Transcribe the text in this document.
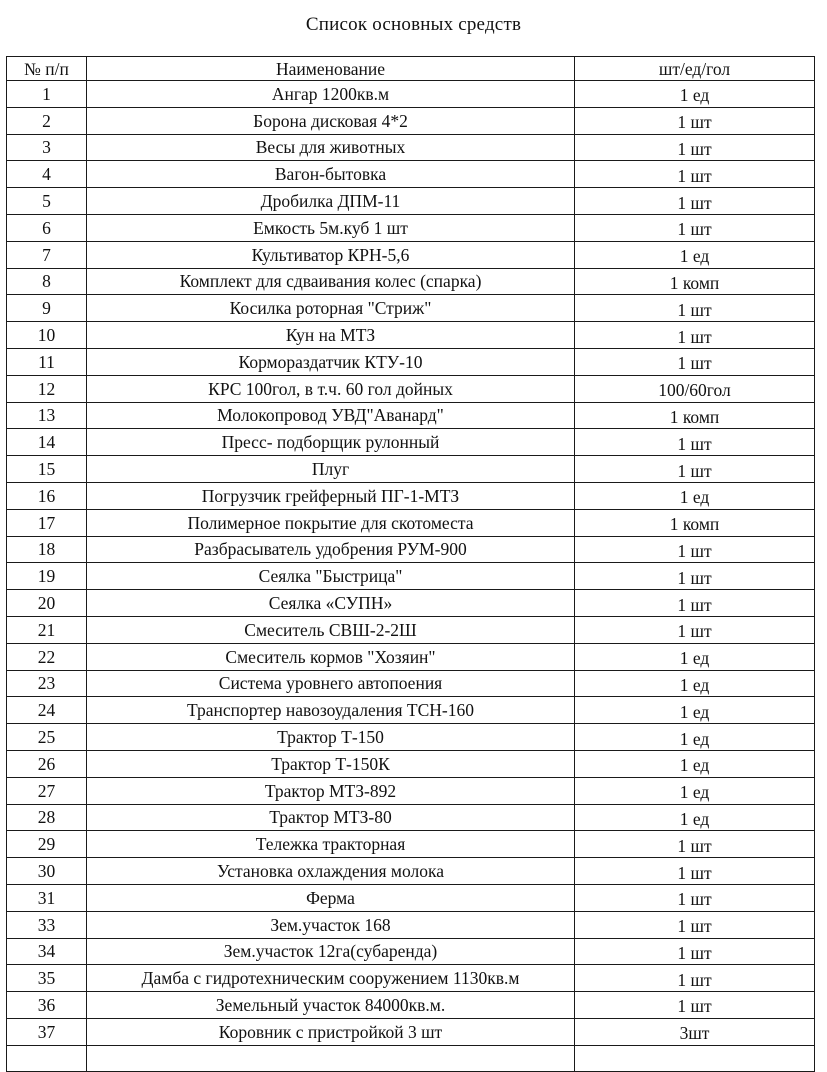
Список основных средств
№ п/п	Наименование	шт/ед/гол
1	Ангар 1200кв.м	1 ед
2	Борона дисковая 4*2	1 шт
3	Весы для животных	1 шт
4	Вагон-бытовка	1 шт
5	Дробилка ДПМ-11	1 шт
6	Емкость 5м.куб 1 шт	1 шт
7	Культиватор КРН-5,6	1 ед
8	Комплект для сдваивания колес (спарка)	1 комп
9	Косилка роторная "Стриж"	1 шт
10	Кун на МТЗ	1 шт
11	Кормораздатчик КТУ-10	1 шт
12	КРС 100гол, в т.ч. 60 гол дойных	100/60гол
13	Молокопровод УВД"Аванард"	1 комп
14	Пресс- подборщик рулонный	1 шт
15	Плуг	1 шт
16	Погрузчик грейферный ПГ-1-МТЗ	1 ед
17	Полимерное покрытие для скотоместа	1 комп
18	Разбрасыватель удобрения РУМ-900	1 шт
19	Сеялка "Быстрица"	1 шт
20	Сеялка «СУПН»	1 шт
21	Смеситель СВШ-2-2Ш	1 шт
22	Смеситель кормов "Хозяин"	1 ед
23	Система уровнего автопоения	1 ед
24	Транспортер навозоудаления ТСН-160	1 ед
25	Трактор Т-150	1 ед
26	Трактор Т-150К	1 ед
27	Трактор МТЗ-892	1 ед
28	Трактор МТЗ-80	1 ед
29	Тележка тракторная	1 шт
30	Установка охлаждения молока	1 шт
31	Ферма	1 шт
33	Зем.участок 168	1 шт
34	Зем.участок 12га(субаренда)	1 шт
35	Дамба с гидротехническим сооружением 1130кв.м	1 шт
36	Земельный участок 84000кв.м.	1 шт
37	Коровник с пристройкой 3 шт	3шт
